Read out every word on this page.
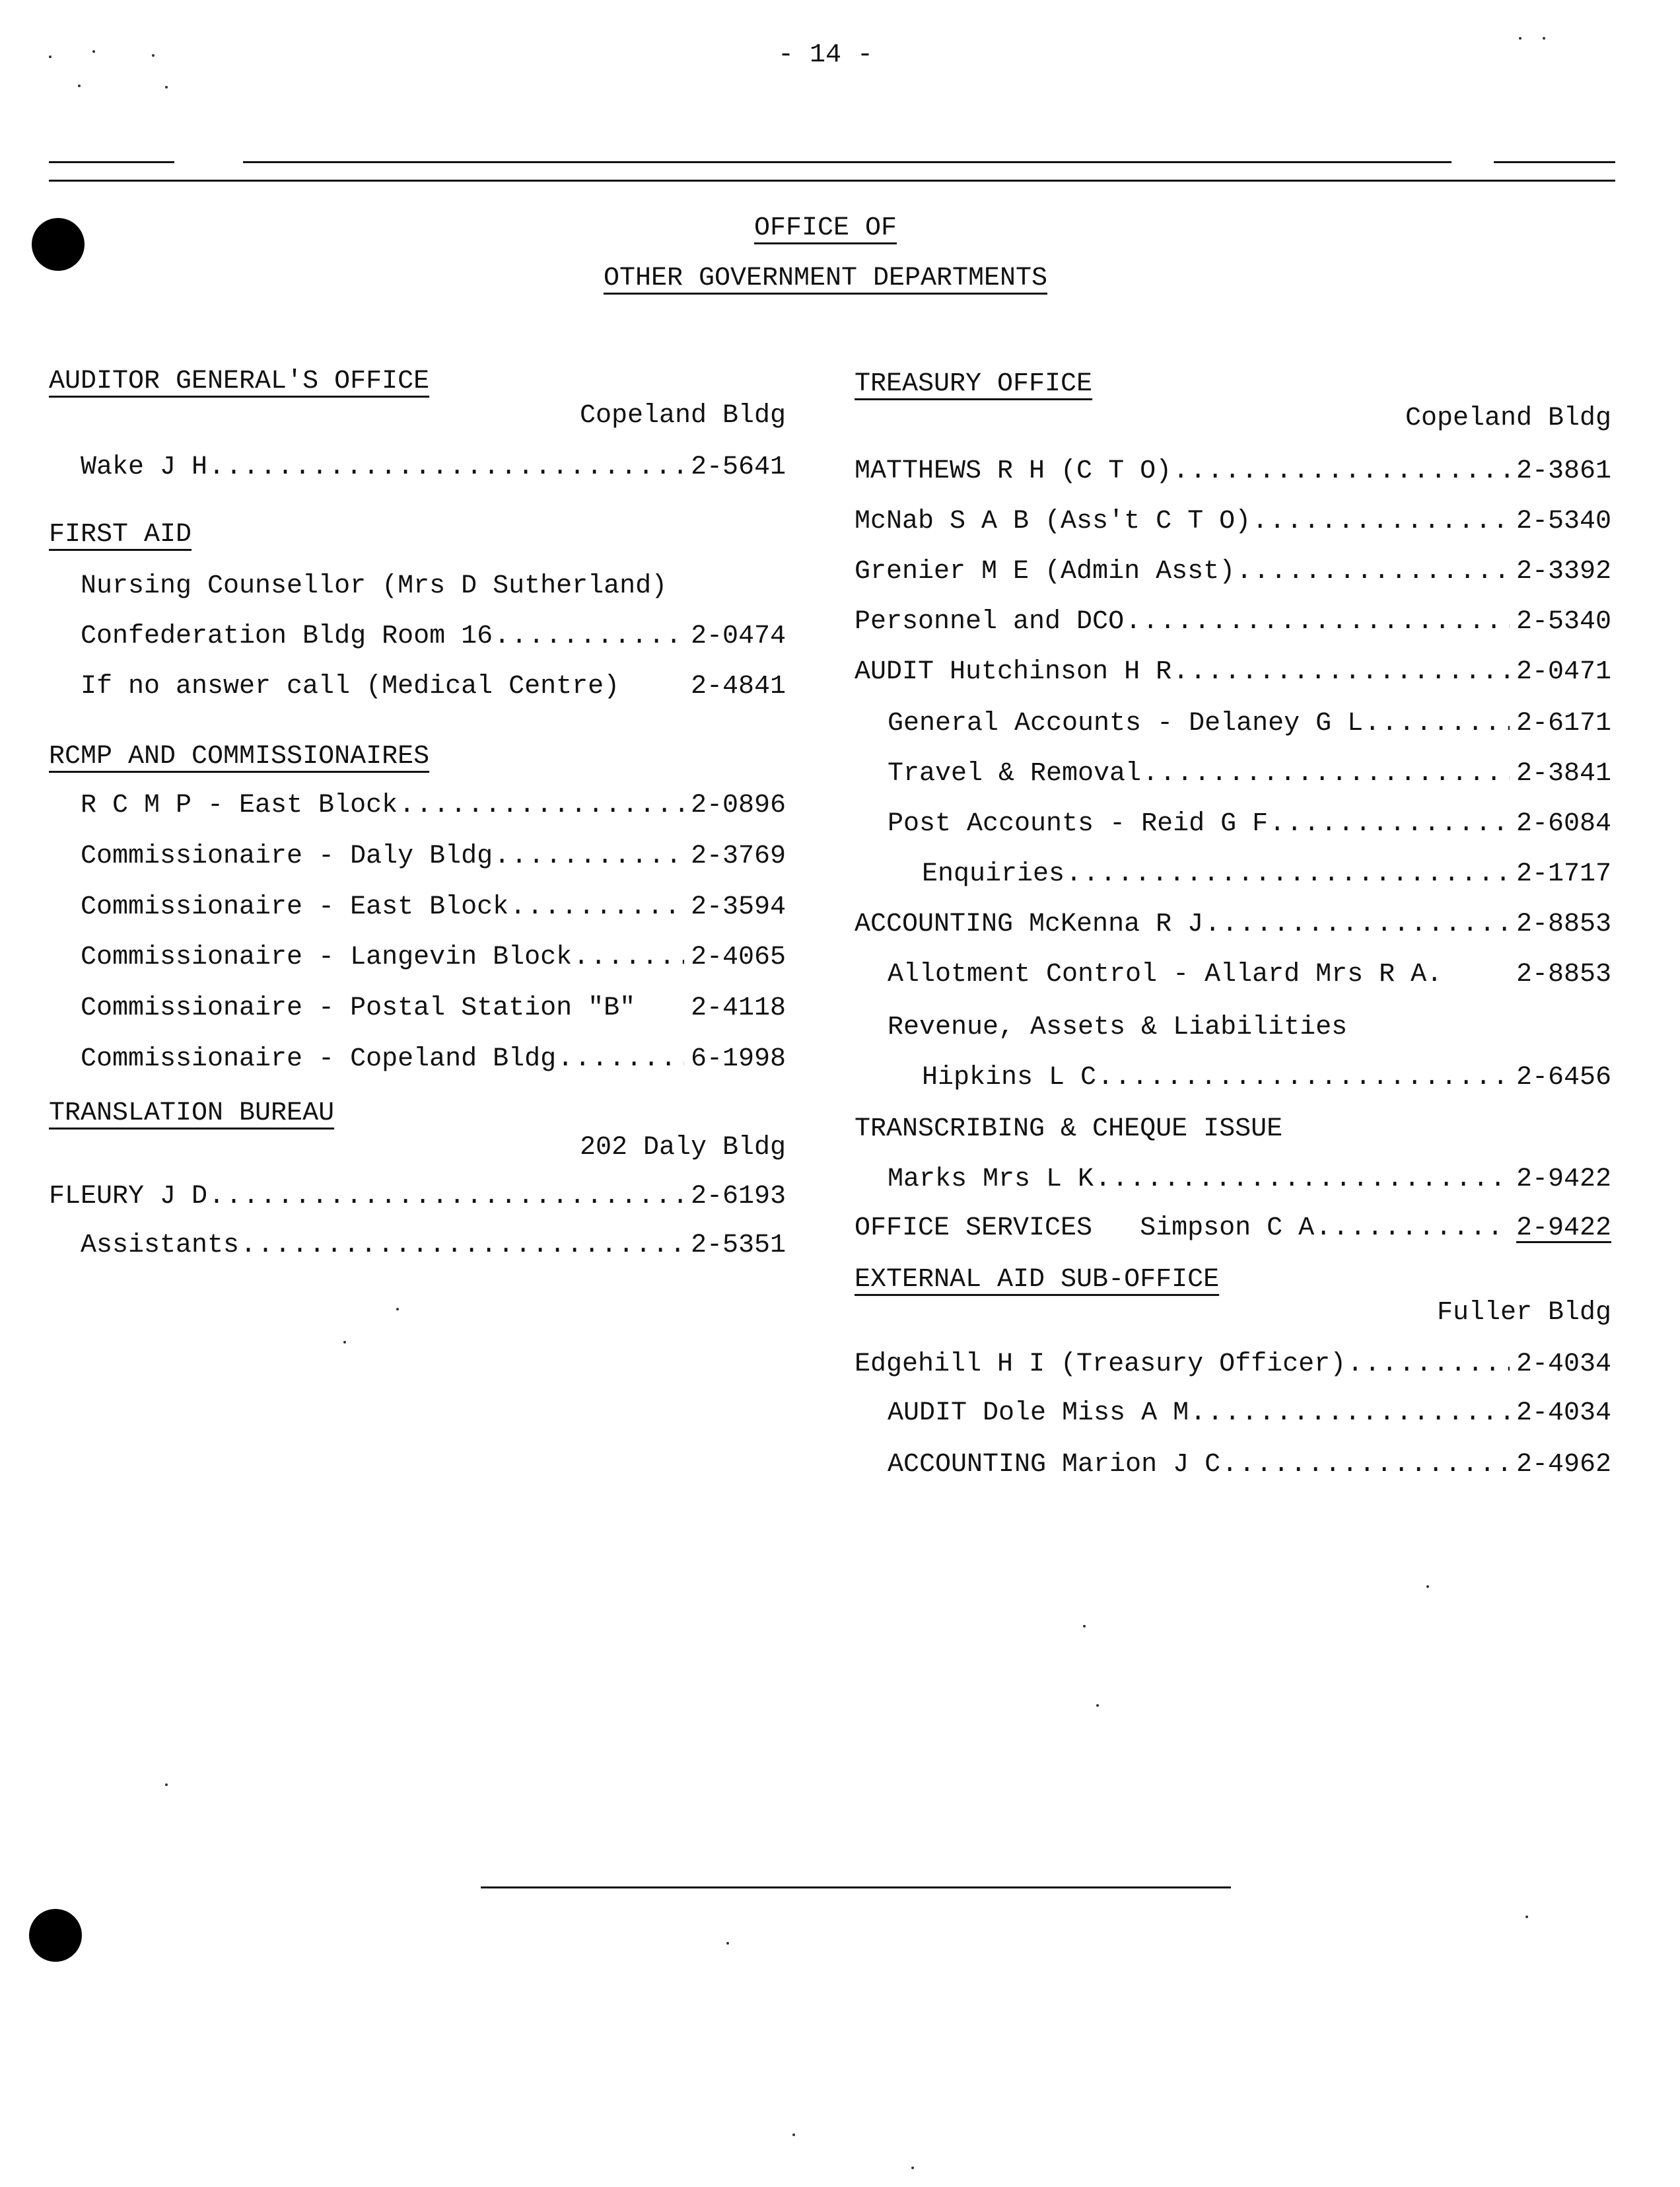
- 14 -
OFFICE OF
OTHER GOVERNMENT DEPARTMENTS
AUDITOR GENERAL'S OFFICE
Copeland Bldg
Wake J H .....	2-5641
FIRST AID
Nursing Counsellor (Mrs D Sutherland)
Confederation Bldg Room 16 .....	2-0474
If no answer call (Medical Centre)	2-4841
RCMP AND COMMISSIONAIRES
R C M P - East Block .....	2-0896
Commissionaire - Daly Bldg .....	2-3769
Commissionaire - East Block .....	2-3594
Commissionaire - Langevin Block .....	2-4065
Commissionaire - Postal Station "B" 2-4118
Commissionaire - Copeland Bldg .....	6-1998
TRANSLATION BUREAU
202 Daly Bldg
FLEURY J D .....	2-6193
Assistants .....	2-5351
TREASURY OFFICE
Copeland Bldg
MATTHEWS R H (C T O) .....	2-3861
McNab S A B (Ass't C T O) .....	2-5340
Grenier M E (Admin Asst) .....	2-3392
Personnel and DCO .....	2-5340
AUDIT Hutchinson H R .....	2-0471
General Accounts - Delaney G L .....	2-6171
Travel & Removal .....	2-3841
Post Accounts - Reid G F .....	2-6084
Enquiries .....	2-1717
ACCOUNTING McKenna R J .....	2-8853
Allotment Control - Allard Mrs R A.	2-8853
Revenue, Assets & Liabilities
Hipkins L C .....	2-6456
TRANSCRIBING & CHEQUE ISSUE
Marks Mrs L K .....	2-9422
OFFICE SERVICES   Simpson C A .....	2-9422
EXTERNAL AID SUB-OFFICE
Fuller Bldg
Edgehill H I (Treasury Officer) .....	2-4034
AUDIT Dole Miss A M .....	2-4034
ACCOUNTING Marion J C .....	2-4962
